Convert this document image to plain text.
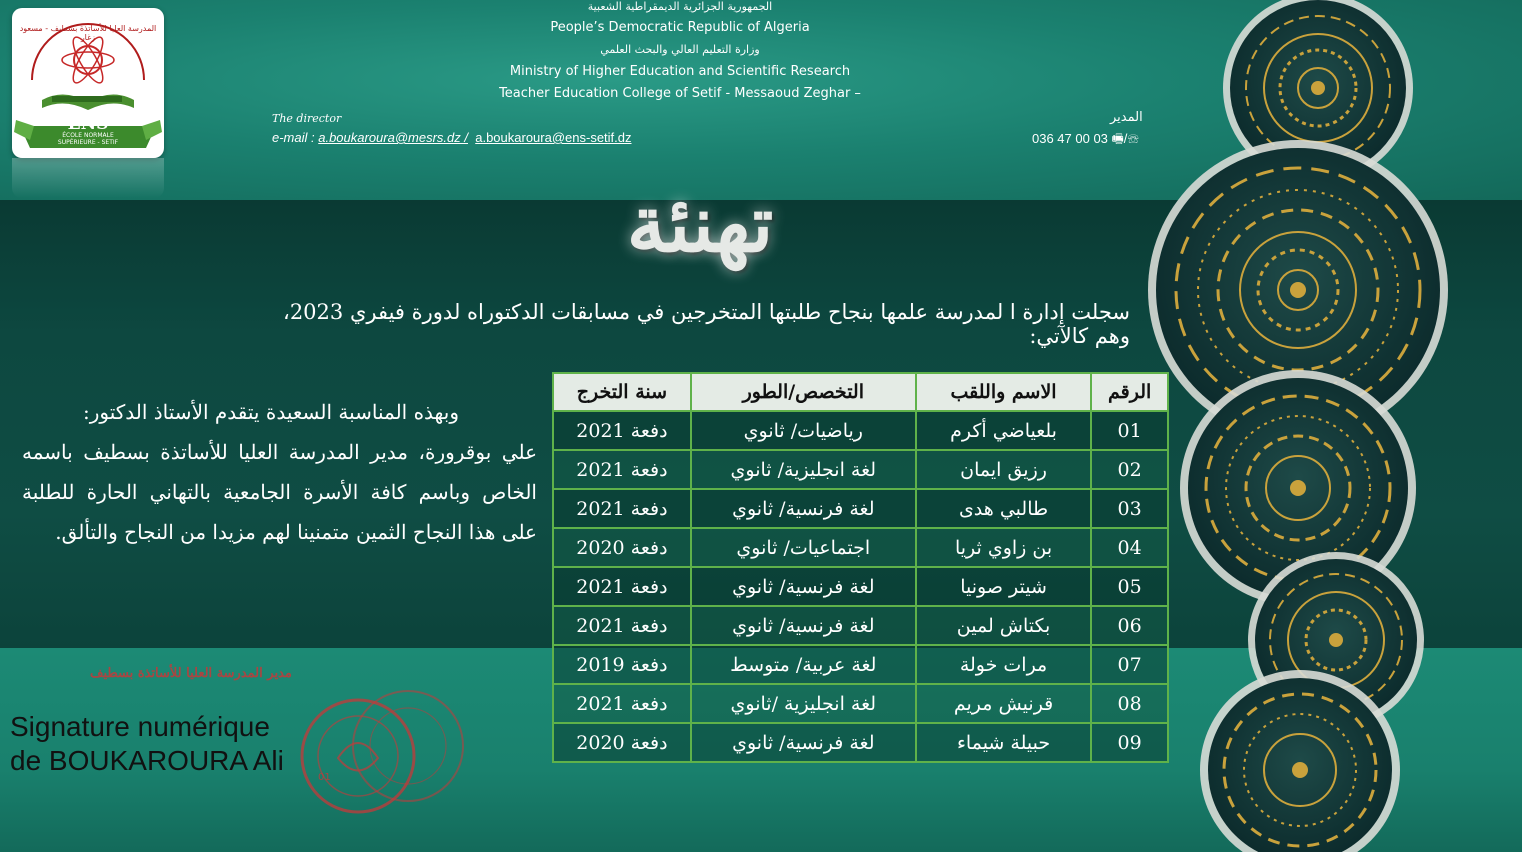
ENS
ÉCOLE NORMALE
SUPÉRIEURE - SETIF
المدرسة العليا للأساتذة بسطيف - مسعود زغار
الجمهورية الجزائرية الديمقراطية الشعبية
People’s Democratic Republic of Algeria
وزارة التعليم العالي والبحث العلمي
Ministry of Higher Education and Scientific Research
Teacher Education College of Setif - Messaoud Zeghar –
The director
e-mail : a.boukaroura@mesrs.dz / a.boukaroura@ens-setif.dz
المدير
036 47 00 03 🖷/☏
تهنئة
سجلت إدارة ا لمدرسة علمها بنجاح طلبتها المتخرجين في مسابقات الدكتوراه لدورة فيفري 2023، وهم كالآتي:
الرقم	الاسم واللقب	التخصص/الطور	سنة التخرج
01	بلعياضي أكرم	رياضيات/ ثانوي	دفعة 2021
02	رزيق ايمان	لغة انجليزية/ ثانوي	دفعة 2021
03	طالبي هدى	لغة فرنسية/ ثانوي	دفعة 2021
04	بن زاوي ثريا	اجتماعيات/ ثانوي	دفعة 2020
05	شيتر صونيا	لغة فرنسية/ ثانوي	دفعة 2021
06	بكتاش لمين	لغة فرنسية/ ثانوي	دفعة 2021
07	مرات خولة	لغة عربية/ متوسط	دفعة 2019
08	قرنيش مريم	لغة انجليزية /ثانوي	دفعة 2021
09	حبيلة شيماء	لغة فرنسية/ ثانوي	دفعة 2020
وبهذه المناسبة السعيدة يتقدم الأستاذ الدكتور:
علي بوقرورة، مدير المدرسة العليا للأساتذة بسطيف باسمه الخاص وباسم كافة الأسرة الجامعية بالتهاني الحارة للطلبة على هذا النجاح الثمين متمنينا لهم مزيدا من النجاح والتألق.
مدير المدرسة العليا للأساتذة بسطيف
Signature numérique
de BOUKAROURA Ali
01
